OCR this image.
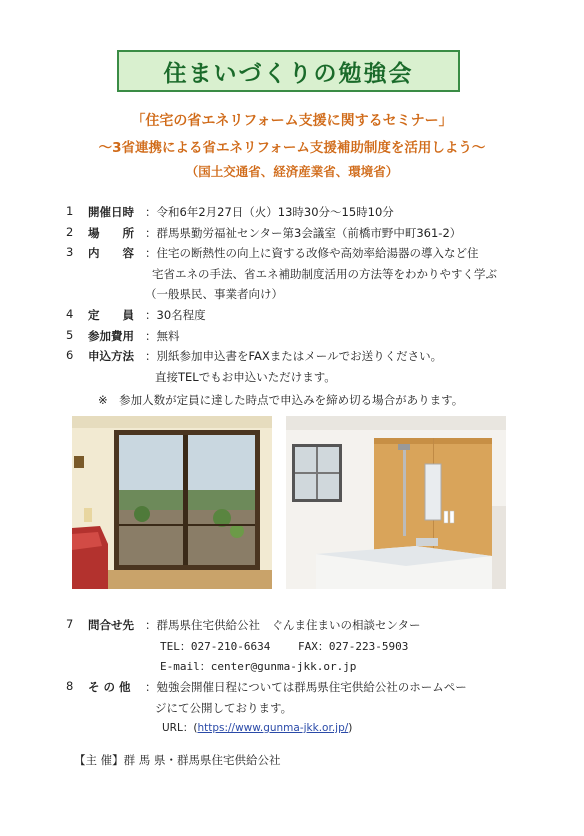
住まいづくりの勉強会
「住宅の省エネリフォーム支援に関するセミナー」
～3省連携による省エネリフォーム支援補助制度を活用しよう～
（国土交通省、経済産業省、環境省）
1 開催日時 ：令和6年2月27日（火）13時30分～15時10分
2 場　　所 ：群馬県勤労福祉センター第3会議室（前橋市野中町361-2）
3 内　　容 ：住宅の断熱性の向上に資する改修や高効率給湯器の導入など住
宅省エネの手法、省エネ補助制度活用の方法等をわかりやすく学ぶ
（一般県民、事業者向け）
4 定　　員 ：30名程度
5 参加費用 ：無料
6 申込方法 ：別紙参加申込書をFAXまたはメールでお送りください。
直接TELでもお申込いただけます。
※　参加人数が定員に達した時点で申込みを締め切る場合があります。
7 問合せ先 ：群馬県住宅供給公社　ぐんま住まいの相談センター
TEL：027-210-6634	FAX：027-223-5903
E-mail：center@gunma-jkk.or.jp
8 そ の 他 ：勉強会開催日程については群馬県住宅供給公社のホームペー
ジにて公開しております。
URL：(https://www.gunma-jkk.or.jp/)
【主 催】群 馬 県・群馬県住宅供給公社
